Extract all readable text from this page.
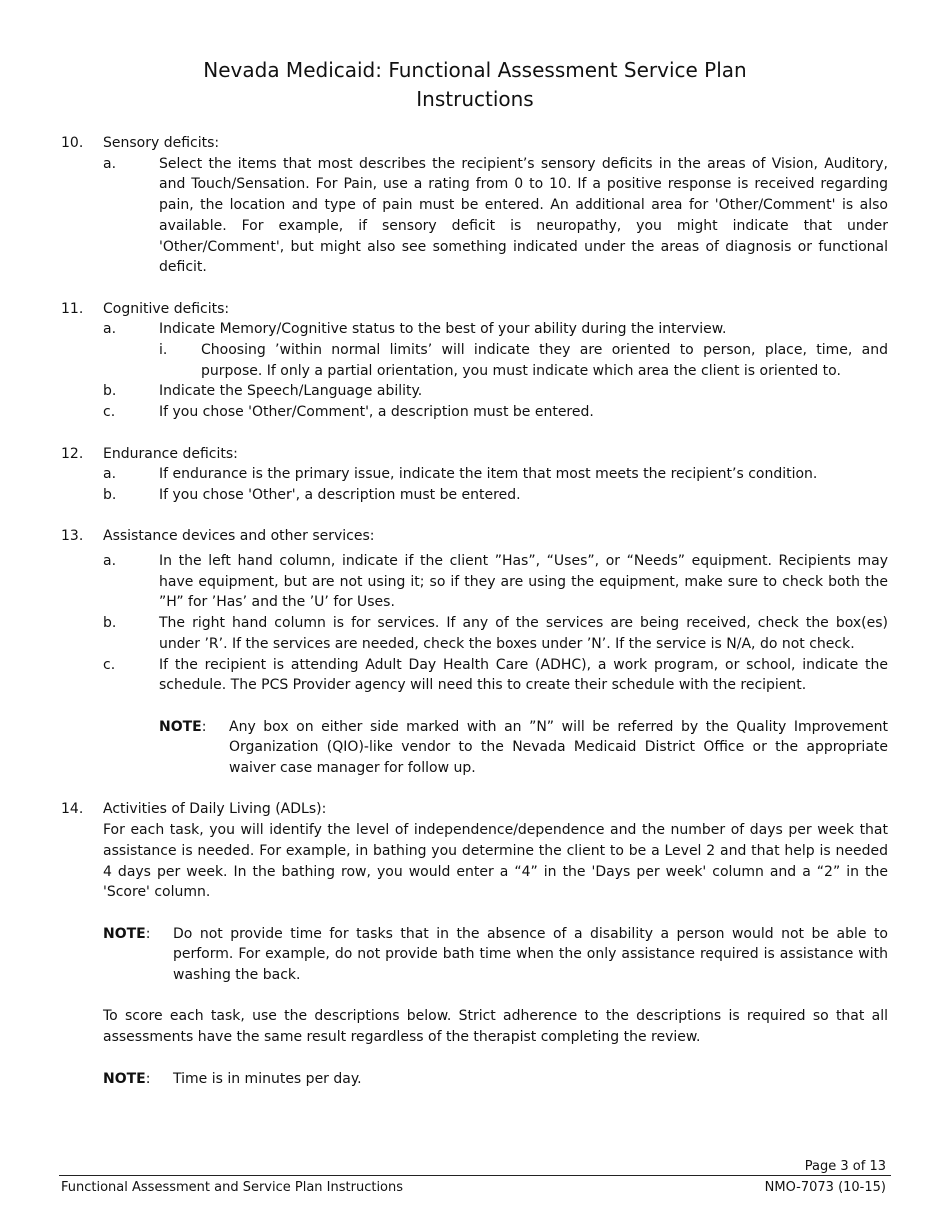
Nevada Medicaid: Functional Assessment Service Plan
Instructions
10.	Sensory deficits:
a.	Select the items that most describes the recipient’s sensory deficits in the areas of Vision, Auditory, and Touch/Sensation. For Pain, use a rating from 0 to 10. If a positive response is received regarding pain, the location and type of pain must be entered. An additional area for 'Other/Comment' is also available. For example, if sensory deficit is neuropathy, you might indicate that under 'Other/Comment', but might also see something indicated under the areas of diagnosis or functional deficit.
11.	Cognitive deficits:
a.	Indicate Memory/Cognitive status to the best of your ability during the interview.
i.	Choosing ’within normal limits’ will indicate they are oriented to person, place, time, and purpose. If only a partial orientation, you must indicate which area the client is oriented to.
b.	Indicate the Speech/Language ability.
c.	If you chose 'Other/Comment', a description must be entered.
12.	Endurance deficits:
a.	If endurance is the primary issue, indicate the item that most meets the recipient’s condition.
b.	If you chose 'Other', a description must be entered.
13.	Assistance devices and other services:
a.	In the left hand column, indicate if the client ”Has”, “Uses”, or “Needs” equipment. Recipients may have equipment, but are not using it; so if they are using the equipment, make sure to check both the ”H” for ’Has’ and the ’U’ for Uses.
b.	The right hand column is for services. If any of the services are being received, check the box(es) under ’R’. If the services are needed, check the boxes under ’N’. If the service is N/A, do not check.
c.	If the recipient is attending Adult Day Health Care (ADHC), a work program, or school, indicate the schedule. The PCS Provider agency will need this to create their schedule with the recipient.
NOTE:	Any box on either side marked with an ”N” will be referred by the Quality Improvement Organization (QIO)-like vendor to the Nevada Medicaid District Office or the appropriate waiver case manager for follow up.
14.	Activities of Daily Living (ADLs):
For each task, you will identify the level of independence/dependence and the number of days per week that assistance is needed. For example, in bathing you determine the client to be a Level 2 and that help is needed 4 days per week. In the bathing row, you would enter a “4” in the 'Days per week' column and a “2” in the 'Score' column.
NOTE:	Do not provide time for tasks that in the absence of a disability a person would not be able to perform. For example, do not provide bath time when the only assistance required is assistance with washing the back.
To score each task, use the descriptions below. Strict adherence to the descriptions is required so that all assessments have the same result regardless of the therapist completing the review.
NOTE:	Time is in minutes per day.
Page 3 of 13
Functional Assessment and Service Plan Instructions	NMO-7073 (10-15)
